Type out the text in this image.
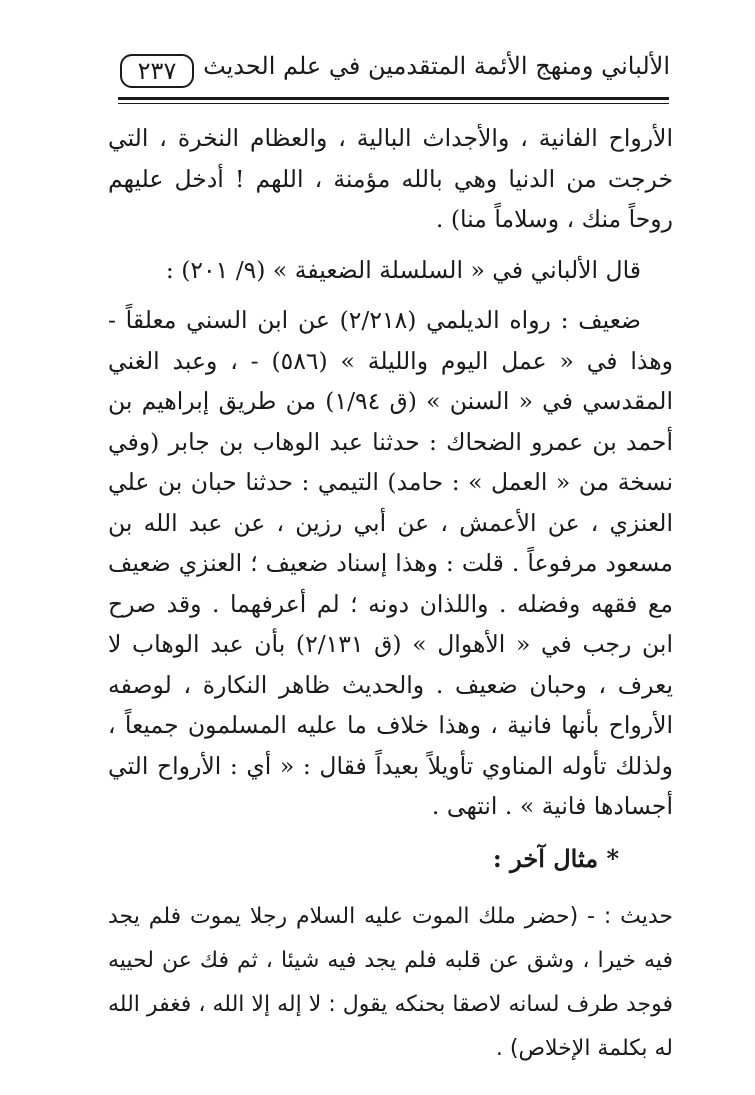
٢٣٧	الألباني ومنهج الأئمة المتقدمين في علم الحديث

الأرواح الفانية ، والأجداث البالية ، والعظام النخرة ، التي خرجت من الدنيا وهي بالله مؤمنة ، اللهم ! أدخل عليهم روحاً منك ، وسلاماً منا) .

قال الألباني في « السلسلة الضعيفة » (٩/ ٢٠١) :

ضعيف : رواه الديلمي (٢/٢١٨) عن ابن السني معلقاً - وهذا في « عمل اليوم والليلة » (٥٨٦) - ، وعبد الغني المقدسي في « السنن » (ق ١/٩٤) من طريق إبراهيم بن أحمد بن عمرو الضحاك : حدثنا عبد الوهاب بن جابر (وفي نسخة من « العمل » : حامد) التيمي : حدثنا حبان بن علي العنزي ، عن الأعمش ، عن أبي رزين ، عن عبد الله بن مسعود مرفوعاً . قلت : وهذا إسناد ضعيف ؛ العنزي ضعيف مع فقهه وفضله . واللذان دونه ؛ لم أعرفهما . وقد صرح ابن رجب في « الأهوال » (ق ٢/١٣١) بأن عبد الوهاب لا يعرف ، وحبان ضعيف . والحديث ظاهر النكارة ، لوصفه الأرواح بأنها فانية ، وهذا خلاف ما عليه المسلمون جميعاً ، ولذلك تأوله المناوي تأويلاً بعيداً فقال : « أي : الأرواح التي أجسادها فانية » . انتهى .

* مثال آخر :

حديث : - (حضر ملك الموت عليه السلام رجلا يموت فلم يجد فيه خيرا ، وشق عن قلبه فلم يجد فيه شيئا ، ثم فك عن لحييه فوجد طرف لسانه لاصقا بحنكه يقول : لا إله إلا الله ، فغفر الله له بكلمة الإخلاص) .
